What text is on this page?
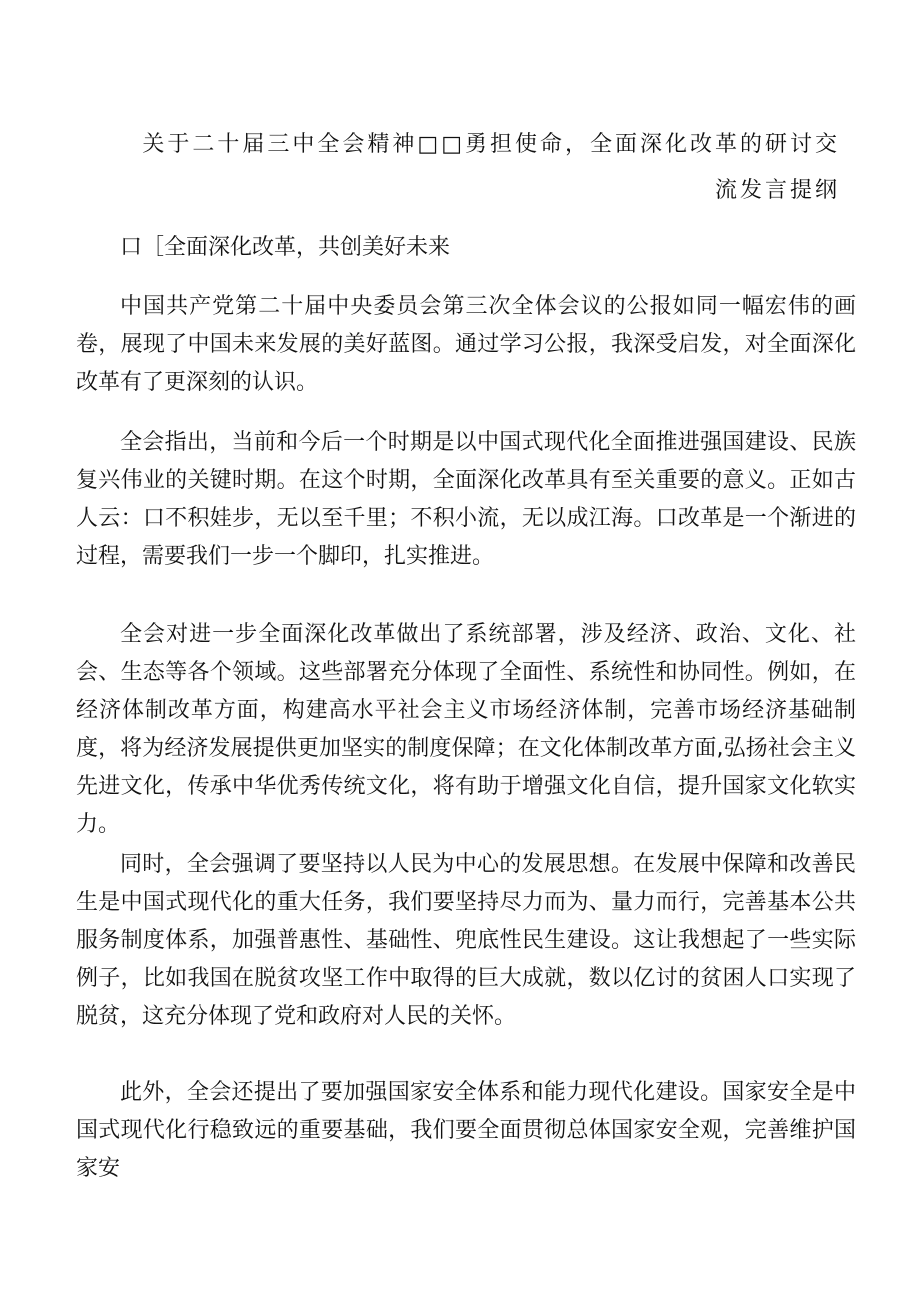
关于二十届三中全会精神□□勇担使命，全面深化改革的研讨交
流发言提纲

口［全面深化改革，共创美好未来

中国共产党第二十届中央委员会第三次全体会议的公报如同一幅宏伟的画卷，展现了中国未来发展的美好蓝图。通过学习公报，我深受启发，对全面深化改革有了更深刻的认识。

全会指出，当前和今后一个时期是以中国式现代化全面推进强国建设、民族复兴伟业的关键时期。在这个时期，全面深化改革具有至关重要的意义。正如古人云：口不积娃步，无以至千里；不积小流，无以成江海。口改革是一个渐进的过程，需要我们一步一个脚印，扎实推进。

全会对进一步全面深化改革做出了系统部署，涉及经济、政治、文化、社会、生态等各个领域。这些部署充分体现了全面性、系统性和协同性。例如，在经济体制改革方面，构建高水平社会主义市场经济体制，完善市场经济基础制度，将为经济发展提供更加坚实的制度保障；在文化体制改革方面,弘扬社会主义先进文化，传承中华优秀传统文化，将有助于增强文化自信，提升国家文化软实力。

同时，全会强调了要坚持以人民为中心的发展思想。在发展中保障和改善民生是中国式现代化的重大任务，我们要坚持尽力而为、量力而行，完善基本公共服务制度体系，加强普惠性、基础性、兜底性民生建设。这让我想起了一些实际例子，比如我国在脱贫攻坚工作中取得的巨大成就，数以亿讨的贫困人口实现了脱贫，这充分体现了党和政府对人民的关怀。

此外，全会还提出了要加强国家安全体系和能力现代化建设。国家安全是中国式现代化行稳致远的重要基础，我们要全面贯彻总体国家安全观，完善维护国家安
